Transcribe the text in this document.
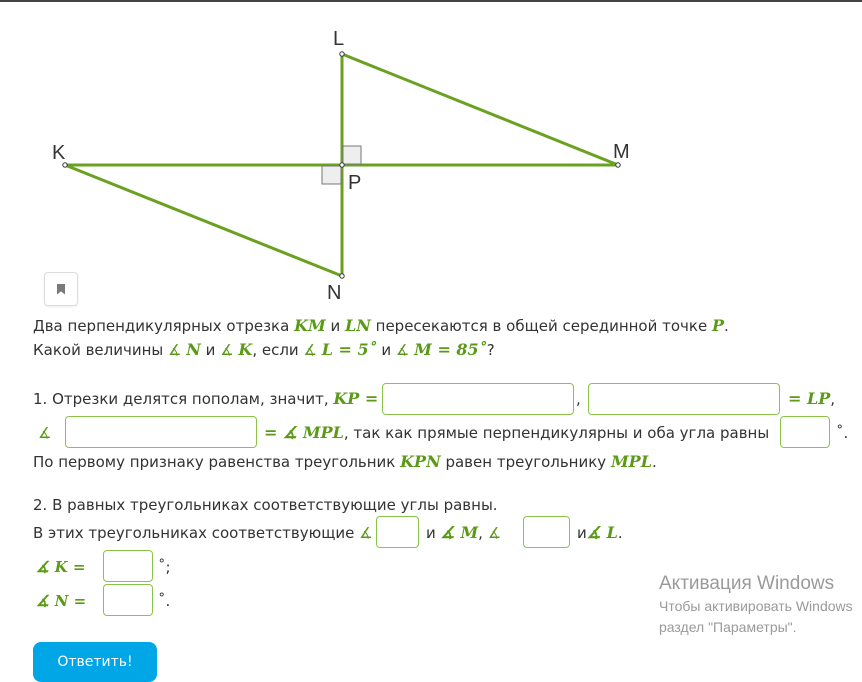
L
K	M
P
N
Два перпендикулярных отрезка KM и LN пересекаются в общей серединной точке P.
Какой величины ∡ N и ∡ K, если ∡ L = 5˚ и ∡ M = 85˚?
1. Отрезки делятся пополам, значит, KP =	,	= LP,
∡	= ∡ MPL, так как прямые перпендикулярны и оба угла равны	˚.
По первому признаку равенства треугольник KPN равен треугольнику MPL.
2. В равных треугольниках соответствующие углы равны.
В этих треугольниках соответствующие ∡	и ∡ M, ∡	и∡ L.
∡ K =	˚;
∡ N =	˚.
Ответить!
Активация Windows
Чтобы активировать Windows
раздел "Параметры".
